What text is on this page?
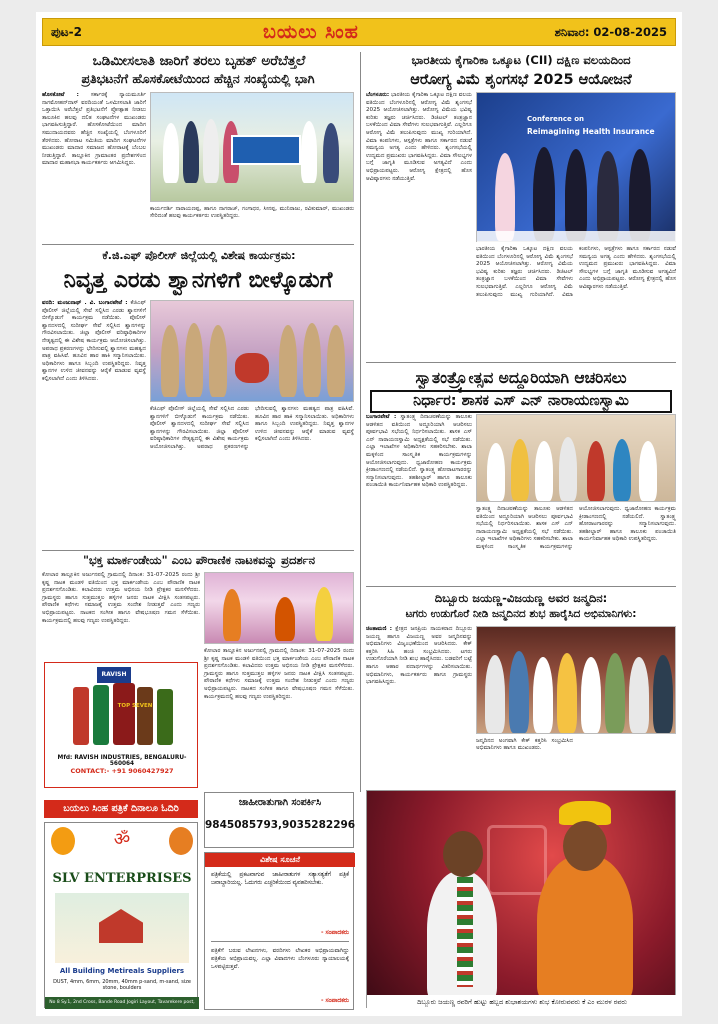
ಪುಟ-2	ಬಯಲು ಸಿಂಹ	ಶನಿವಾರ: 02-08-2025
ಒಡಿಮೀಸಲಾತಿ ಜಾರಿಗೆ ತರಲು ಬೃಹತ್ ಅರೆಬೆತ್ತಲೆ
ಪ್ರತಿಭಟನೆಗೆ ಹೊಸಕೋಟೆಯಿಂದ ಹೆಚ್ಚಿನ ಸಂಖ್ಯೆಯಲ್ಲಿ ಭಾಗಿ
ಹೊಸಕೋಟೆ : ಸರ್ಕಾರಕ್ಕೆ ನ್ಯಾಯಮೂರ್ತಿ ನಾಗಮೋಹನ್‌ದಾಸ್ ವರದಿಯಂತೆ ಒಳಮೀಸಲಾತಿ ಜಾರಿಗೆ ಒತ್ತಾಯಿಸಿ ಅರೆಬೆತ್ತಲೆ ಪ್ರತಿಭಟನೆಗೆ ಪ್ರೋತ್ಸಾಹ ನೀಡಲು ತಾಲೂಕಿನ ಹಲವು ದಲಿತ ಸಂಘಟನೆಗಳ ಮುಖಂಡರು ಭಾಗವಹಿಸುತ್ತಿದ್ದಾರೆ. ಹೊಸಕೋಟೆಯಿಂದ ಮಾದಿಗ ಸಮುದಾಯದವರು ಹೆಚ್ಚಿನ ಸಂಖ್ಯೆಯಲ್ಲಿ ಬೆಂಗಳೂರಿಗೆ ತೆರಳಿದರು. ಹೋರಾಟ ಸಮಿತಿಯ ಮಾದಿಗ ಸಂಘಟನೆಗಳ ಮುಖಂಡರು ಮಾದಾರ ಸಮಾಜದ ಹೋರಾಟಕ್ಕೆ ಬೆಂಬಲ ನೀಡುತ್ತಿದ್ದಾರೆ. ತಾಲ್ಲೂಕಿನ ಗ್ರಾಮಾಂತರ ಪ್ರದೇಶಗಳಿಂದ ಮಾದಾರ ಮಹಾಸಭಾ ಕಾರ್ಯಕರ್ತರು ಆಗಮಿಸಿದ್ದರು.
ಕಾರ್ಯದರ್ಶಿ ನಾರಾಯಣಪ್ಪ, ಹಾಗೂ ನಾಗರಾಜ್, ಗಂಗಾಧರ, ಸೀನಪ್ಪ, ಮುನಿರಾಜು, ರವಿಕುಮಾರ್, ಮುಖಂಡರು ಸೇರಿದಂತೆ ಹಲವು ಕಾರ್ಯಕರ್ತರು ಉಪಸ್ಥಿತರಿದ್ದರು.
ಕೆ.ಜಿ.ಎಫ್ ಪೊಲೀಸ್ ಜಿಲ್ಲೆಯಲ್ಲಿ ವಿಶೇಷ ಕಾರ್ಯಕ್ರಮ:
ನಿವೃತ್ತ ಎರಡು ಶ್ವಾನಗಳಿಗೆ ಬೀಳ್ಕೊಡುಗೆ
ವರದಿ: ಮಂಜುನಾಥ್ . ವಿ. ಬಂಗಾರಪೇಟೆ : ಕೆಜಿಎಫ್ ಪೊಲೀಸ್ ಜಿಲ್ಲೆಯಲ್ಲಿ ಸೇವೆ ಸಲ್ಲಿಸಿದ ಎರಡು ಶ್ವಾನಗಳಿಗೆ ಬೀಳ್ಕೊಡುಗೆ ಕಾರ್ಯಕ್ರಮ ನಡೆಯಿತು. ಪೊಲೀಸ್ ಶ್ವಾನದಳದಲ್ಲಿ ಸುದೀರ್ಘ ಸೇವೆ ಸಲ್ಲಿಸಿದ ಶ್ವಾನಗಳನ್ನು ಗೌರವಿಸಲಾಯಿತು. ಜಿಲ್ಲಾ ಪೊಲೀಸ್ ವರಿಷ್ಠಾಧಿಕಾರಿಗಳ ನೇತೃತ್ವದಲ್ಲಿ ಈ ವಿಶೇಷ ಕಾರ್ಯಕ್ರಮ ಆಯೋಜಿಸಲಾಗಿತ್ತು. ಅಪರಾಧ ಪ್ರಕರಣಗಳನ್ನು ಭೇದಿಸುವಲ್ಲಿ ಶ್ವಾನಗಳು ಮಹತ್ವದ ಪಾತ್ರ ವಹಿಸಿವೆ. ಹೂವಿನ ಹಾರ ಹಾಕಿ ಸನ್ಮಾನಿಸಲಾಯಿತು. ಅಧಿಕಾರಿಗಳು ಹಾಗೂ ಸಿಬ್ಬಂದಿ ಉಪಸ್ಥಿತರಿದ್ದರು. ನಿವೃತ್ತ ಶ್ವಾನಗಳ ಉಳಿದ ಜೀವನವನ್ನು ಆರೈಕೆ ಮಾಡುವ ವ್ಯವಸ್ಥೆ ಕಲ್ಪಿಸಲಾಗಿದೆ ಎಂದು ತಿಳಿಸಿದರು.
ಕೆಜಿಎಫ್ ಪೊಲೀಸ್ ಜಿಲ್ಲೆಯಲ್ಲಿ ಸೇವೆ ಸಲ್ಲಿಸಿದ ಎರಡು ಶ್ವಾನಗಳಿಗೆ ಬೀಳ್ಕೊಡುಗೆ ಕಾರ್ಯಕ್ರಮ ನಡೆಯಿತು. ಪೊಲೀಸ್ ಶ್ವಾನದಳದಲ್ಲಿ ಸುದೀರ್ಘ ಸೇವೆ ಸಲ್ಲಿಸಿದ ಶ್ವಾನಗಳನ್ನು ಗೌರವಿಸಲಾಯಿತು. ಜಿಲ್ಲಾ ಪೊಲೀಸ್ ವರಿಷ್ಠಾಧಿಕಾರಿಗಳ ನೇತೃತ್ವದಲ್ಲಿ ಈ ವಿಶೇಷ ಕಾರ್ಯಕ್ರಮ ಆಯೋಜಿಸಲಾಗಿತ್ತು. ಅಪರಾಧ ಪ್ರಕರಣಗಳನ್ನು ಭೇದಿಸುವಲ್ಲಿ ಶ್ವಾನಗಳು ಮಹತ್ವದ ಪಾತ್ರ ವಹಿಸಿವೆ. ಹೂವಿನ ಹಾರ ಹಾಕಿ ಸನ್ಮಾನಿಸಲಾಯಿತು. ಅಧಿಕಾರಿಗಳು ಹಾಗೂ ಸಿಬ್ಬಂದಿ ಉಪಸ್ಥಿತರಿದ್ದರು. ನಿವೃತ್ತ ಶ್ವಾನಗಳ ಉಳಿದ ಜೀವನವನ್ನು ಆರೈಕೆ ಮಾಡುವ ವ್ಯವಸ್ಥೆ ಕಲ್ಪಿಸಲಾಗಿದೆ ಎಂದು ತಿಳಿಸಿದರು.
"ಭಕ್ತ ಮಾರ್ಕಂಡೇಯ" ಎಂಬ ಪೌರಾಣಿಕ ನಾಟಕವನ್ನು ಪ್ರದರ್ಶನ
ಕೋಲಾರ ತಾಲ್ಲೂಕಿನ ಅರ್ಜುನಪಲ್ಲಿ ಗ್ರಾಮದಲ್ಲಿ ದಿನಾಂಕ: 31-07-2025 ರಂದು ಶ್ರೀ ಕೃಷ್ಣ ನಾಟಕ ಮಂಡಳಿ ವತಿಯಿಂದ ಭಕ್ತ ಮಾರ್ಕಂಡೇಯ ಎಂಬ ಪೌರಾಣಿಕ ನಾಟಕ ಪ್ರದರ್ಶನಗೊಂಡಿತು. ಕಲಾವಿದರು ಉತ್ತಮ ಅಭಿನಯ ನೀಡಿ ಪ್ರೇಕ್ಷಕರ ಮನಸೆಳೆದರು. ಗ್ರಾಮಸ್ಥರು ಹಾಗೂ ಸುತ್ತಮುತ್ತಲ ಹಳ್ಳಿಗಳ ಜನರು ನಾಟಕ ವೀಕ್ಷಿಸಿ ಸಂತಸಪಟ್ಟರು. ಪೌರಾಣಿಕ ಕಥೆಗಳು ಸಮಾಜಕ್ಕೆ ಉತ್ತಮ ಸಂದೇಶ ನೀಡುತ್ತವೆ ಎಂದು ಗಣ್ಯರು ಅಭಿಪ್ರಾಯಪಟ್ಟರು. ನಾಟಕದ ಸಂಗೀತ ಹಾಗೂ ವೇಷಭೂಷಣ ಗಮನ ಸೆಳೆಯಿತು. ಕಾರ್ಯಕ್ರಮದಲ್ಲಿ ಹಲವು ಗಣ್ಯರು ಉಪಸ್ಥಿತರಿದ್ದರು.
ಕೋಲಾರ ತಾಲ್ಲೂಕಿನ ಅರ್ಜುನಪಲ್ಲಿ ಗ್ರಾಮದಲ್ಲಿ ದಿನಾಂಕ: 31-07-2025 ರಂದು ಶ್ರೀ ಕೃಷ್ಣ ನಾಟಕ ಮಂಡಳಿ ವತಿಯಿಂದ ಭಕ್ತ ಮಾರ್ಕಂಡೇಯ ಎಂಬ ಪೌರಾಣಿಕ ನಾಟಕ ಪ್ರದರ್ಶನಗೊಂಡಿತು. ಕಲಾವಿದರು ಉತ್ತಮ ಅಭಿನಯ ನೀಡಿ ಪ್ರೇಕ್ಷಕರ ಮನಸೆಳೆದರು. ಗ್ರಾಮಸ್ಥರು ಹಾಗೂ ಸುತ್ತಮುತ್ತಲ ಹಳ್ಳಿಗಳ ಜನರು ನಾಟಕ ವೀಕ್ಷಿಸಿ ಸಂತಸಪಟ್ಟರು. ಪೌರಾಣಿಕ ಕಥೆಗಳು ಸಮಾಜಕ್ಕೆ ಉತ್ತಮ ಸಂದೇಶ ನೀಡುತ್ತವೆ ಎಂದು ಗಣ್ಯರು ಅಭಿಪ್ರಾಯಪಟ್ಟರು. ನಾಟಕದ ಸಂಗೀತ ಹಾಗೂ ವೇಷಭೂಷಣ ಗಮನ ಸೆಳೆಯಿತು. ಕಾರ್ಯಕ್ರಮದಲ್ಲಿ ಹಲವು ಗಣ್ಯರು ಉಪಸ್ಥಿತರಿದ್ದರು.
RAVISH
TOP SEVEN
Mfd: RAVISH INDUSTRIES, BENGALURU-560064
CONTACT:- +91 9060427927
ಬಯಲು ಸಿಂಹ ಪತ್ರಿಕೆ ದಿನಾಲೂ ಓದಿರಿ
ॐ
SLV ENTERPRISES
All Building Metireals Suppliers
DUST, 4mm, 6mm, 20mm, 40mm p-sand, m-sand, size stone, boulders
No 8 Sy.1, 2nd Cross, Bande Road Jogiri Layout, Tavarekere post, Bangalore-60
ಜಾಹೀರಾತುಗಾಗಿ ಸಂಪರ್ಕಿಸಿ
9845085793,9035282296
ವಿಶೇಷ ಸೂಚನೆ
ಪತ್ರಿಕೆಯಲ್ಲಿ ಪ್ರಕಟವಾಗುವ ಜಾಹೀರಾತುಗಳ ಸತ್ಯಾಸತ್ಯತೆಗೆ ಪತ್ರಿಕೆ ಜವಾಬ್ದಾರಿಯಲ್ಲ. ಓದುಗರು ಎಚ್ಚರಿಕೆಯಿಂದ ವ್ಯವಹರಿಸಬೇಕು.
- ಸಂಪಾದಕರು
ಪತ್ರಿಕೆಗೆ ಬರುವ ಲೇಖನಗಳು, ವರದಿಗಳು ಲೇಖಕರ ಅಭಿಪ್ರಾಯವಾಗಿದ್ದು ಪತ್ರಿಕೆಯ ಅಭಿಪ್ರಾಯವಲ್ಲ. ಎಲ್ಲಾ ವಿವಾದಗಳು ಬೆಂಗಳೂರು ನ್ಯಾಯಾಲಯಕ್ಕೆ ಒಳಪಟ್ಟಿರುತ್ತವೆ.
- ಸಂಪಾದಕರು
ಭಾರತೀಯ ಕೈಗಾರಿಕಾ ಒಕ್ಕೂಟ (CII) ದಕ್ಷಿಣ ವಲಯದಿಂದ
ಆರೋಗ್ಯ ವಿಮೆ ಶೃಂಗಸಭೆ 2025 ಆಯೋಜನೆ
ಬೆಂಗಳೂರು: ಭಾರತೀಯ ಕೈಗಾರಿಕಾ ಒಕ್ಕೂಟ ದಕ್ಷಿಣ ವಲಯ ವತಿಯಿಂದ ಬೆಂಗಳೂರಿನಲ್ಲಿ ಆರೋಗ್ಯ ವಿಮೆ ಶೃಂಗಸಭೆ 2025 ಆಯೋಜಿಸಲಾಗಿತ್ತು. ಆರೋಗ್ಯ ವಿಮೆಯ ಭವಿಷ್ಯ ಕುರಿತು ತಜ್ಞರು ಚರ್ಚಿಸಿದರು. ಡಿಜಿಟಲ್ ತಂತ್ರಜ್ಞಾನ ಬಳಕೆಯಿಂದ ವಿಮಾ ಸೇವೆಗಳು ಸುಲಭವಾಗುತ್ತಿವೆ. ಎಲ್ಲರಿಗೂ ಆರೋಗ್ಯ ವಿಮೆ ತಲುಪಿಸುವುದು ಮುಖ್ಯ ಗುರಿಯಾಗಿದೆ. ವಿಮಾ ಕಂಪನಿಗಳು, ಆಸ್ಪತ್ರೆಗಳು ಹಾಗೂ ಸರ್ಕಾರದ ನಡುವೆ ಸಮನ್ವಯ ಅಗತ್ಯ ಎಂದು ಹೇಳಿದರು. ಶೃಂಗಸಭೆಯಲ್ಲಿ ಉದ್ಯಮದ ಪ್ರಮುಖರು ಭಾಗವಹಿಸಿದ್ದರು. ವಿಮಾ ಸೌಲಭ್ಯಗಳ ಬಗ್ಗೆ ಜಾಗೃತಿ ಮೂಡಿಸುವ ಅಗತ್ಯವಿದೆ ಎಂದು ಅಭಿಪ್ರಾಯಪಟ್ಟರು. ಆರೋಗ್ಯ ಕ್ಷೇತ್ರದಲ್ಲಿ ಹೊಸ ಆವಿಷ್ಕಾರಗಳು ನಡೆಯುತ್ತಿವೆ.
Conference on
Reimagining Health Insurance
ಭಾರತೀಯ ಕೈಗಾರಿಕಾ ಒಕ್ಕೂಟ ದಕ್ಷಿಣ ವಲಯ ವತಿಯಿಂದ ಬೆಂಗಳೂರಿನಲ್ಲಿ ಆರೋಗ್ಯ ವಿಮೆ ಶೃಂಗಸಭೆ 2025 ಆಯೋಜಿಸಲಾಗಿತ್ತು. ಆರೋಗ್ಯ ವಿಮೆಯ ಭವಿಷ್ಯ ಕುರಿತು ತಜ್ಞರು ಚರ್ಚಿಸಿದರು. ಡಿಜಿಟಲ್ ತಂತ್ರಜ್ಞಾನ ಬಳಕೆಯಿಂದ ವಿಮಾ ಸೇವೆಗಳು ಸುಲಭವಾಗುತ್ತಿವೆ. ಎಲ್ಲರಿಗೂ ಆರೋಗ್ಯ ವಿಮೆ ತಲುಪಿಸುವುದು ಮುಖ್ಯ ಗುರಿಯಾಗಿದೆ. ವಿಮಾ ಕಂಪನಿಗಳು, ಆಸ್ಪತ್ರೆಗಳು ಹಾಗೂ ಸರ್ಕಾರದ ನಡುವೆ ಸಮನ್ವಯ ಅಗತ್ಯ ಎಂದು ಹೇಳಿದರು. ಶೃಂಗಸಭೆಯಲ್ಲಿ ಉದ್ಯಮದ ಪ್ರಮುಖರು ಭಾಗವಹಿಸಿದ್ದರು. ವಿಮಾ ಸೌಲಭ್ಯಗಳ ಬಗ್ಗೆ ಜಾಗೃತಿ ಮೂಡಿಸುವ ಅಗತ್ಯವಿದೆ ಎಂದು ಅಭಿಪ್ರಾಯಪಟ್ಟರು. ಆರೋಗ್ಯ ಕ್ಷೇತ್ರದಲ್ಲಿ ಹೊಸ ಆವಿಷ್ಕಾರಗಳು ನಡೆಯುತ್ತಿವೆ.
ಸ್ವಾತಂತ್ರ್ಯೋತ್ಸವ ಅದ್ದೂರಿಯಾಗಿ ಆಚರಿಸಲು
ನಿರ್ಧಾರ: ಶಾಸಕ ಎಸ್ ಎನ್ ನಾರಾಯಣಸ್ವಾಮಿ
ಬಂಗಾರಪೇಟೆ : ಸ್ವಾತಂತ್ರ್ಯ ದಿನಾಚರಣೆಯನ್ನು ತಾಲೂಕು ಆಡಳಿತದ ವತಿಯಿಂದ ಅದ್ದೂರಿಯಾಗಿ ಆಚರಿಸಲು ಪೂರ್ವಭಾವಿ ಸಭೆಯಲ್ಲಿ ನಿರ್ಧರಿಸಲಾಯಿತು. ಶಾಸಕ ಎಸ್ ಎನ್ ನಾರಾಯಣಸ್ವಾಮಿ ಅಧ್ಯಕ್ಷತೆಯಲ್ಲಿ ಸಭೆ ನಡೆಯಿತು. ಎಲ್ಲಾ ಇಲಾಖೆಗಳ ಅಧಿಕಾರಿಗಳು ಸಹಕರಿಸಬೇಕು. ಶಾಲಾ ಮಕ್ಕಳಿಂದ ಸಾಂಸ್ಕೃತಿಕ ಕಾರ್ಯಕ್ರಮಗಳನ್ನು ಆಯೋಜಿಸಲಾಗುವುದು. ಧ್ವಜಾರೋಹಣ ಕಾರ್ಯಕ್ರಮ ಕ್ರೀಡಾಂಗಣದಲ್ಲಿ ನಡೆಯಲಿದೆ. ಸ್ವಾತಂತ್ರ್ಯ ಹೋರಾಟಗಾರರನ್ನು ಸನ್ಮಾನಿಸಲಾಗುವುದು. ತಹಶೀಲ್ದಾರ್ ಹಾಗೂ ತಾಲೂಕು ಪಂಚಾಯಿತಿ ಕಾರ್ಯನಿರ್ವಾಹಕ ಅಧಿಕಾರಿ ಉಪಸ್ಥಿತರಿದ್ದರು.
ಸ್ವಾತಂತ್ರ್ಯ ದಿನಾಚರಣೆಯನ್ನು ತಾಲೂಕು ಆಡಳಿತದ ವತಿಯಿಂದ ಅದ್ದೂರಿಯಾಗಿ ಆಚರಿಸಲು ಪೂರ್ವಭಾವಿ ಸಭೆಯಲ್ಲಿ ನಿರ್ಧರಿಸಲಾಯಿತು. ಶಾಸಕ ಎಸ್ ಎನ್ ನಾರಾಯಣಸ್ವಾಮಿ ಅಧ್ಯಕ್ಷತೆಯಲ್ಲಿ ಸಭೆ ನಡೆಯಿತು. ಎಲ್ಲಾ ಇಲಾಖೆಗಳ ಅಧಿಕಾರಿಗಳು ಸಹಕರಿಸಬೇಕು. ಶಾಲಾ ಮಕ್ಕಳಿಂದ ಸಾಂಸ್ಕೃತಿಕ ಕಾರ್ಯಕ್ರಮಗಳನ್ನು ಆಯೋಜಿಸಲಾಗುವುದು. ಧ್ವಜಾರೋಹಣ ಕಾರ್ಯಕ್ರಮ ಕ್ರೀಡಾಂಗಣದಲ್ಲಿ ನಡೆಯಲಿದೆ. ಸ್ವಾತಂತ್ರ್ಯ ಹೋರಾಟಗಾರರನ್ನು ಸನ್ಮಾನಿಸಲಾಗುವುದು. ತಹಶೀಲ್ದಾರ್ ಹಾಗೂ ತಾಲೂಕು ಪಂಚಾಯಿತಿ ಕಾರ್ಯನಿರ್ವಾಹಕ ಅಧಿಕಾರಿ ಉಪಸ್ಥಿತರಿದ್ದರು.
ದಿಬ್ಬೂರು ಜಯಣ್ಣ-ವಿಜಯಣ್ಣ ಅವರ ಜನ್ಮದಿನ:
ಟಗರು ಉಡುಗೊರೆ ನೀಡಿ ಜನ್ಮದಿನದ ಶುಭ ಹಾರೈಸಿದ ಅಭಿಮಾನಿಗಳು:
ಚಿಂತಾಮಣಿ : ಕ್ಷೇತ್ರದ ಜನಪ್ರಿಯ ನಾಯಕರಾದ ದಿಬ್ಬೂರು ಜಯಣ್ಣ ಹಾಗೂ ವಿಜಯಣ್ಣ ಅವರ ಜನ್ಮದಿನವನ್ನು ಅಭಿಮಾನಿಗಳು ವಿಜೃಂಭಣೆಯಿಂದ ಆಚರಿಸಿದರು. ಕೇಕ್ ಕತ್ತರಿಸಿ ಸಿಹಿ ಹಂಚಿ ಸಂಭ್ರಮಿಸಿದರು. ಟಗರು ಉಡುಗೊರೆಯಾಗಿ ನೀಡಿ ಶುಭ ಹಾರೈಸಿದರು. ಬಡವರಿಗೆ ಬಟ್ಟೆ ಹಾಗೂ ಆಹಾರ ಪದಾರ್ಥಗಳನ್ನು ವಿತರಿಸಲಾಯಿತು. ಅಭಿಮಾನಿಗಳು, ಕಾರ್ಯಕರ್ತರು ಹಾಗೂ ಗ್ರಾಮಸ್ಥರು ಭಾಗವಹಿಸಿದ್ದರು.
ಜನ್ಮದಿನದ ಅಂಗವಾಗಿ ಕೇಕ್ ಕತ್ತರಿಸಿ ಸಂಭ್ರಮಿಸಿದ ಅಭಿಮಾನಿಗಳು ಹಾಗೂ ಮುಖಂಡರು.
ದಿಬ್ಬೂರು ಜಯಣ್ಣ ರವರಿಗೆ ಹುಟ್ಟು ಹಬ್ಬದ ಶುಭಾಶಯಗಳು ಶುಭ ಕೋರುವವರು ಕೆ ಎಂ ಮುರಳ ರವರು
